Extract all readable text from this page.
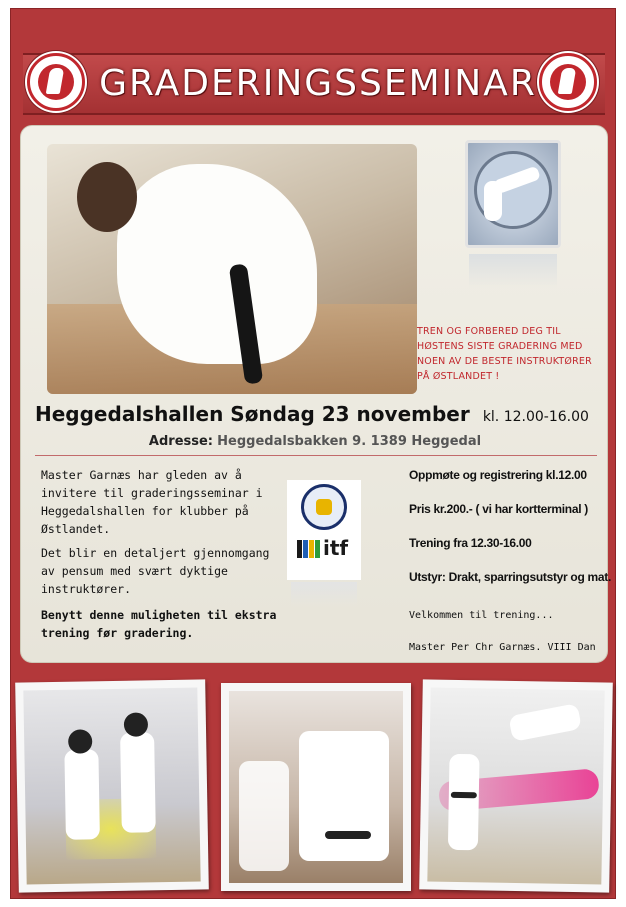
GRADERINGSSEMINAR
TREN OG FORBERED DEG TIL HØSTENS SISTE GRADERING MED NOEN AV DE BESTE INSTRUKTØRER PÅ ØSTLANDET !
Heggedalshallen Søndag 23 november kl. 12.00-16.00
Adresse: Heggedalsbakken 9. 1389 Heggedal

Master Garnæs har gleden av å invitere til graderingsseminar i Heggedalshallen for klubber på Østlandet.

Det blir en detaljert gjennomgang av pensum med svært dyktige instruktører.

Benytt denne muligheten til ekstra trening før gradering.

itf
Oppmøte og registrering kl.12.00
Pris kr.200.- ( vi har kortterminal )
Trening fra 12.30-16.00
Utstyr: Drakt, sparringsutstyr og mat.
Velkommen til trening...
Master Per Chr Garnæs. VIII Dan
